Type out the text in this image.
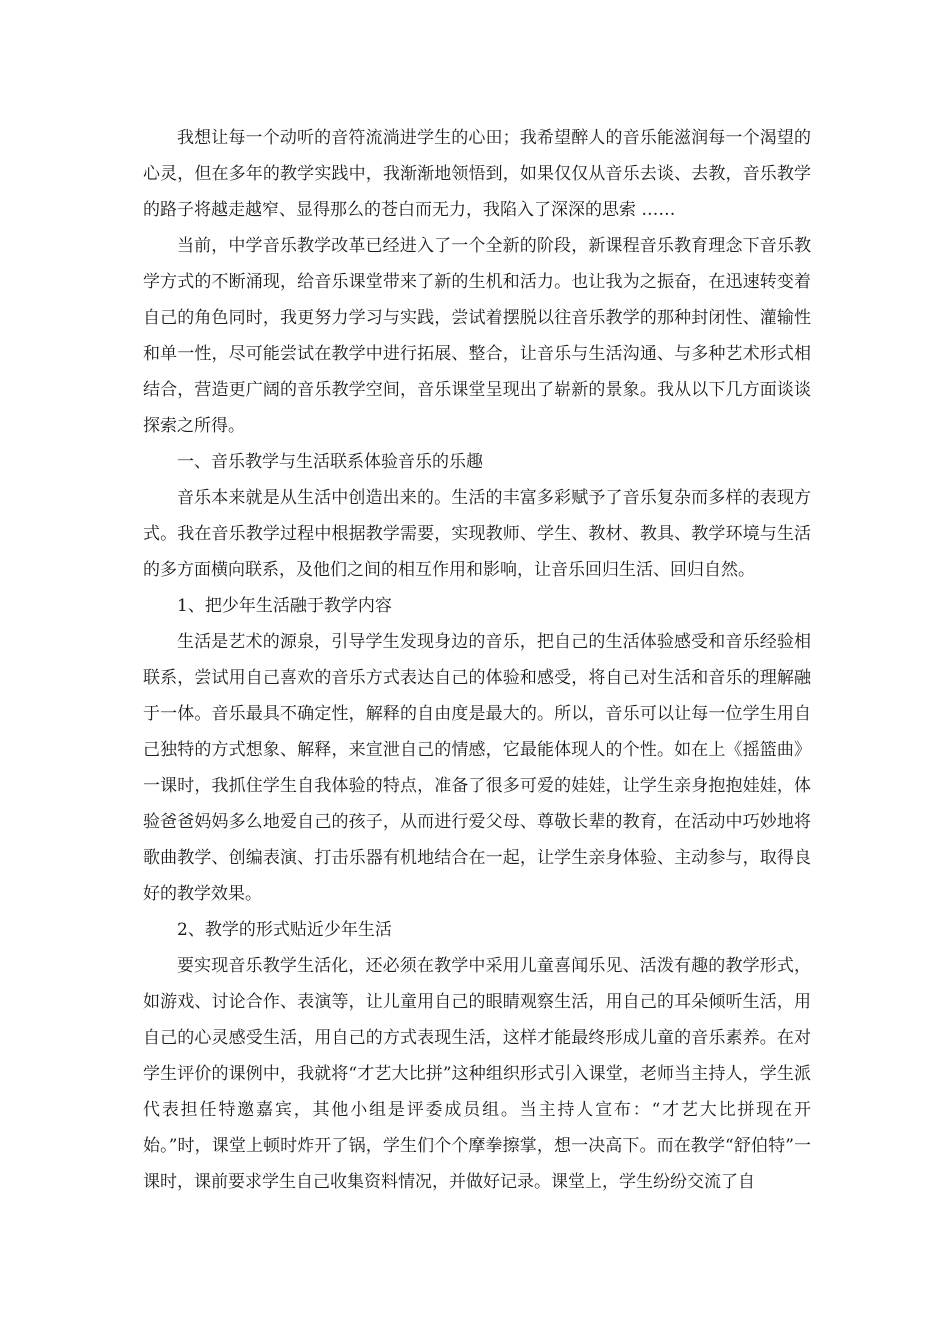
我想让每一个动听的音符流淌进学生的心田；我希望醉人的音乐能滋润每一个渴望的心灵，但在多年的教学实践中，我渐渐地领悟到，如果仅仅从音乐去谈、去教，音乐教学的路子将越走越窄、显得那么的苍白而无力，我陷入了深深的思索 ……

当前，中学音乐教学改革已经进入了一个全新的阶段，新课程音乐教育理念下音乐教学方式的不断涌现，给音乐课堂带来了新的生机和活力。也让我为之振奋，在迅速转变着自己的角色同时，我更努力学习与实践，尝试着摆脱以往音乐教学的那种封闭性、灌输性和单一性，尽可能尝试在教学中进行拓展、整合，让音乐与生活沟通、与多种艺术形式相结合，营造更广阔的音乐教学空间，音乐课堂呈现出了崭新的景象。我从以下几方面谈谈探索之所得。

一、音乐教学与生活联系体验音乐的乐趣

音乐本来就是从生活中创造出来的。生活的丰富多彩赋予了音乐复杂而多样的表现方式。我在音乐教学过程中根据教学需要，实现教师、学生、教材、教具、教学环境与生活的多方面横向联系，及他们之间的相互作用和影响，让音乐回归生活、回归自然。

1、把少年生活融于教学内容

生活是艺术的源泉，引导学生发现身边的音乐，把自己的生活体验感受和音乐经验相联系，尝试用自己喜欢的音乐方式表达自己的体验和感受，将自己对生活和音乐的理解融于一体。音乐最具不确定性，解释的自由度是最大的。所以，音乐可以让每一位学生用自己独特的方式想象、解释，来宣泄自己的情感，它最能体现人的个性。如在上《摇篮曲》一课时，我抓住学生自我体验的特点，准备了很多可爱的娃娃，让学生亲身抱抱娃娃，体验爸爸妈妈多么地爱自己的孩子，从而进行爱父母、尊敬长辈的教育，在活动中巧妙地将歌曲教学、创编表演、打击乐器有机地结合在一起，让学生亲身体验、主动参与，取得良好的教学效果。

2、教学的形式贴近少年生活

要实现音乐教学生活化，还必须在教学中采用儿童喜闻乐见、活泼有趣的教学形式，如游戏、讨论合作、表演等，让儿童用自己的眼睛观察生活，用自己的耳朵倾听生活，用自己的心灵感受生活，用自己的方式表现生活，这样才能最终形成儿童的音乐素养。在对学生评价的课例中，我就将“才艺大比拼”这种组织形式引入课堂，老师当主持人，学生派代表担任特邀嘉宾，其他小组是评委成员组。当主持人宣布：“才艺大比拼现在开始。”时，课堂上顿时炸开了锅，学生们个个摩拳擦掌，想一决高下。而在教学“舒伯特”一课时，课前要求学生自己收集资料情况，并做好记录。课堂上，学生纷纷交流了自
